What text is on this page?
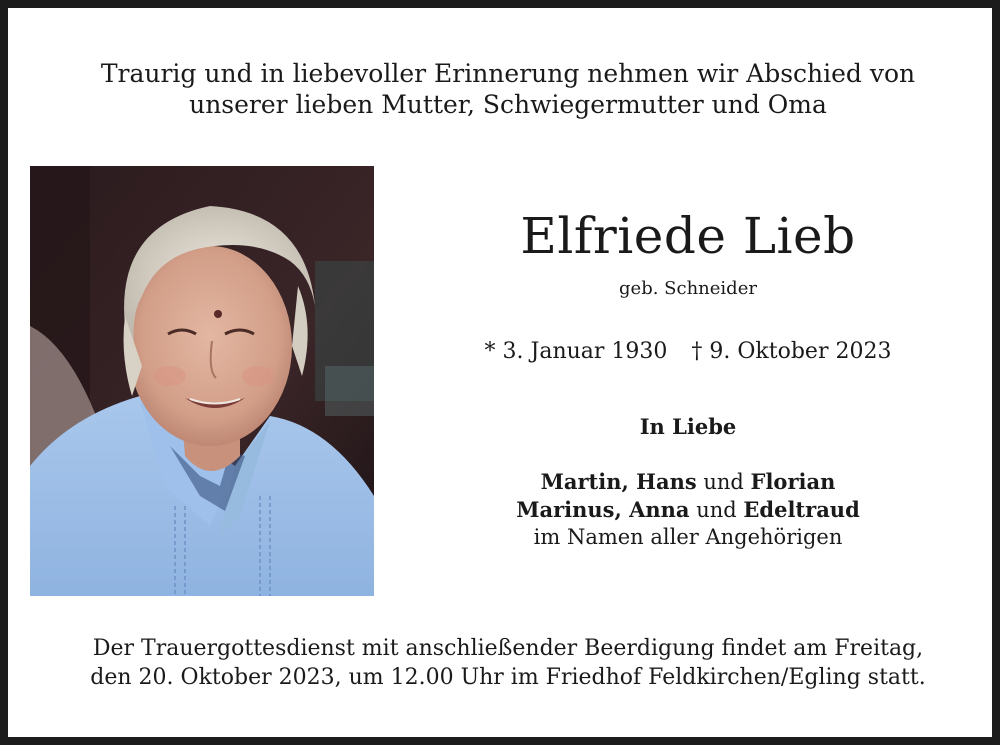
Traurig und in liebevoller Erinnerung nehmen wir Abschied von
unserer lieben Mutter, Schwiegermutter und Oma
Elfriede Lieb
geb. Schneider
* 3. Januar 1930 † 9. Oktober 2023
In Liebe
Martin, Hans und Florian
Marinus, Anna und Edeltraud
im Namen aller Angehörigen
Der Trauergottesdienst mit anschließender Beerdigung findet am Freitag,
den 20. Oktober 2023, um 12.00 Uhr im Friedhof Feldkirchen/Egling statt.
